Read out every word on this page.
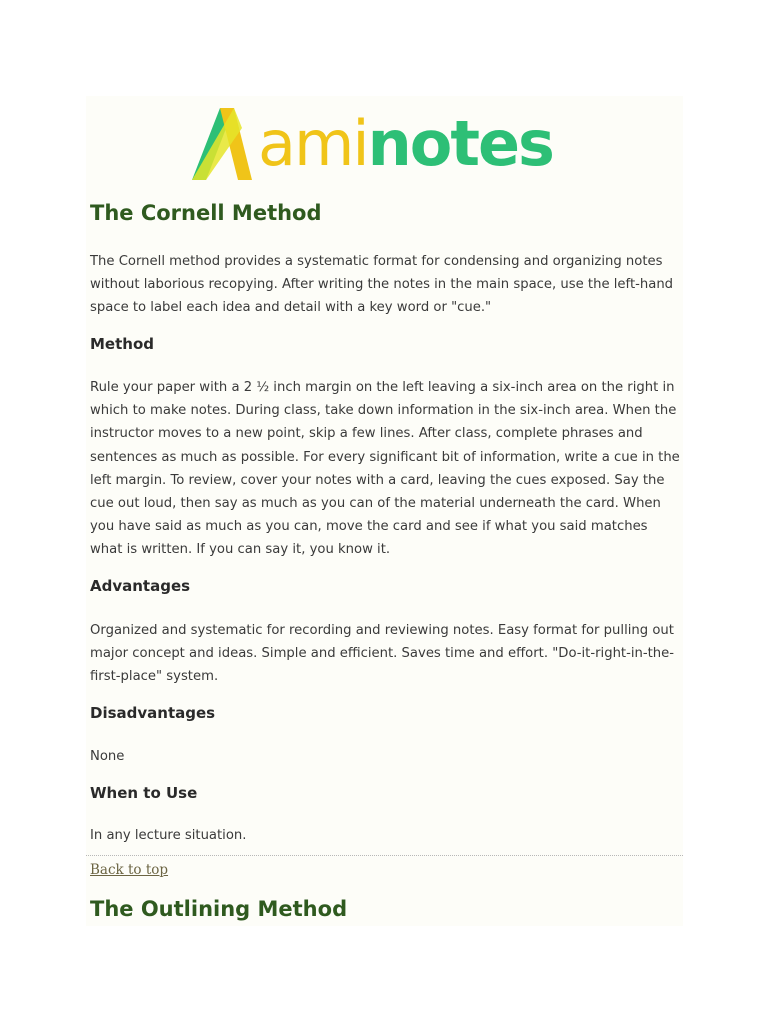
aminotes
The Cornell Method

The Cornell method provides a systematic format for condensing and organizing notes without laborious recopying. After writing the notes in the main space, use the left-hand space to label each idea and detail with a key word or "cue."

Method

Rule your paper with a 2 ½ inch margin on the left leaving a six-inch area on the right in which to make notes. During class, take down information in the six-inch area. When the instructor moves to a new point, skip a few lines. After class, complete phrases and sentences as much as possible. For every significant bit of information, write a cue in the left margin. To review, cover your notes with a card, leaving the cues exposed. Say the cue out loud, then say as much as you can of the material underneath the card. When you have said as much as you can, move the card and see if what you said matches what is written. If you can say it, you know it.

Advantages

Organized and systematic for recording and reviewing notes. Easy format for pulling out major concept and ideas. Simple and efficient. Saves time and effort. "Do-it-right-in-the-first-place" system.

Disadvantages

None

When to Use

In any lecture situation.

Back to top
The Outlining Method
